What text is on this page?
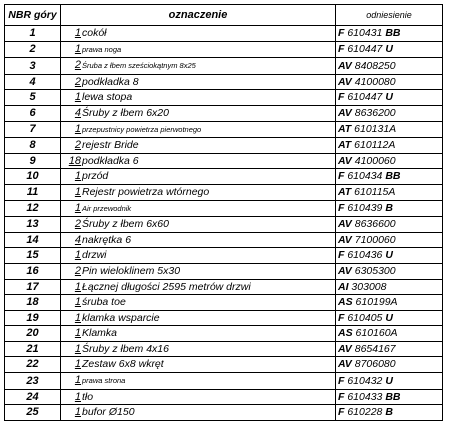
NBR góry	oznaczenie	odniesienie
1	1cokół	F 610431 BB
2	1prawa noga	F 610447 U
3	2Śruba z łbem sześciokątnym 8x25	AV 8408250
4	2podkładka 8	AV 4100080
5	1lewa stopa	F 610447 U
6	4Śruby z łbem 6x20	AV 8636200
7	1przepustnicy powietrza pierwotnego	AT 610131A
8	2rejestr Bride	AT 610112A
9	18podkładka 6	AV 4100060
10	1przód	F 610434 BB
11	1Rejestr powietrza wtórnego	AT 610115A
12	1Air przewodnik	F 610439 B
13	2Śruby z łbem 6x60	AV 8636600
14	4nakrętka 6	AV 7100060
15	1drzwi	F 610436 U
16	2Pin wieloklinem 5x30	AV 6305300
17	1Łącznej długości 2595 metrów drzwi	AI 303008
18	1śruba toe	AS 610199A
19	1klamka wsparcie	F 610405 U
20	1Klamka	AS 610160A
21	1Śruby z łbem 4x16	AV 8654167
22	1Zestaw 6x8 wkręt	AV 8706080
23	1prawa strona	F 610432 U
24	1tło	F 610433 BB
25	1bufor Ø150	F 610228 B
